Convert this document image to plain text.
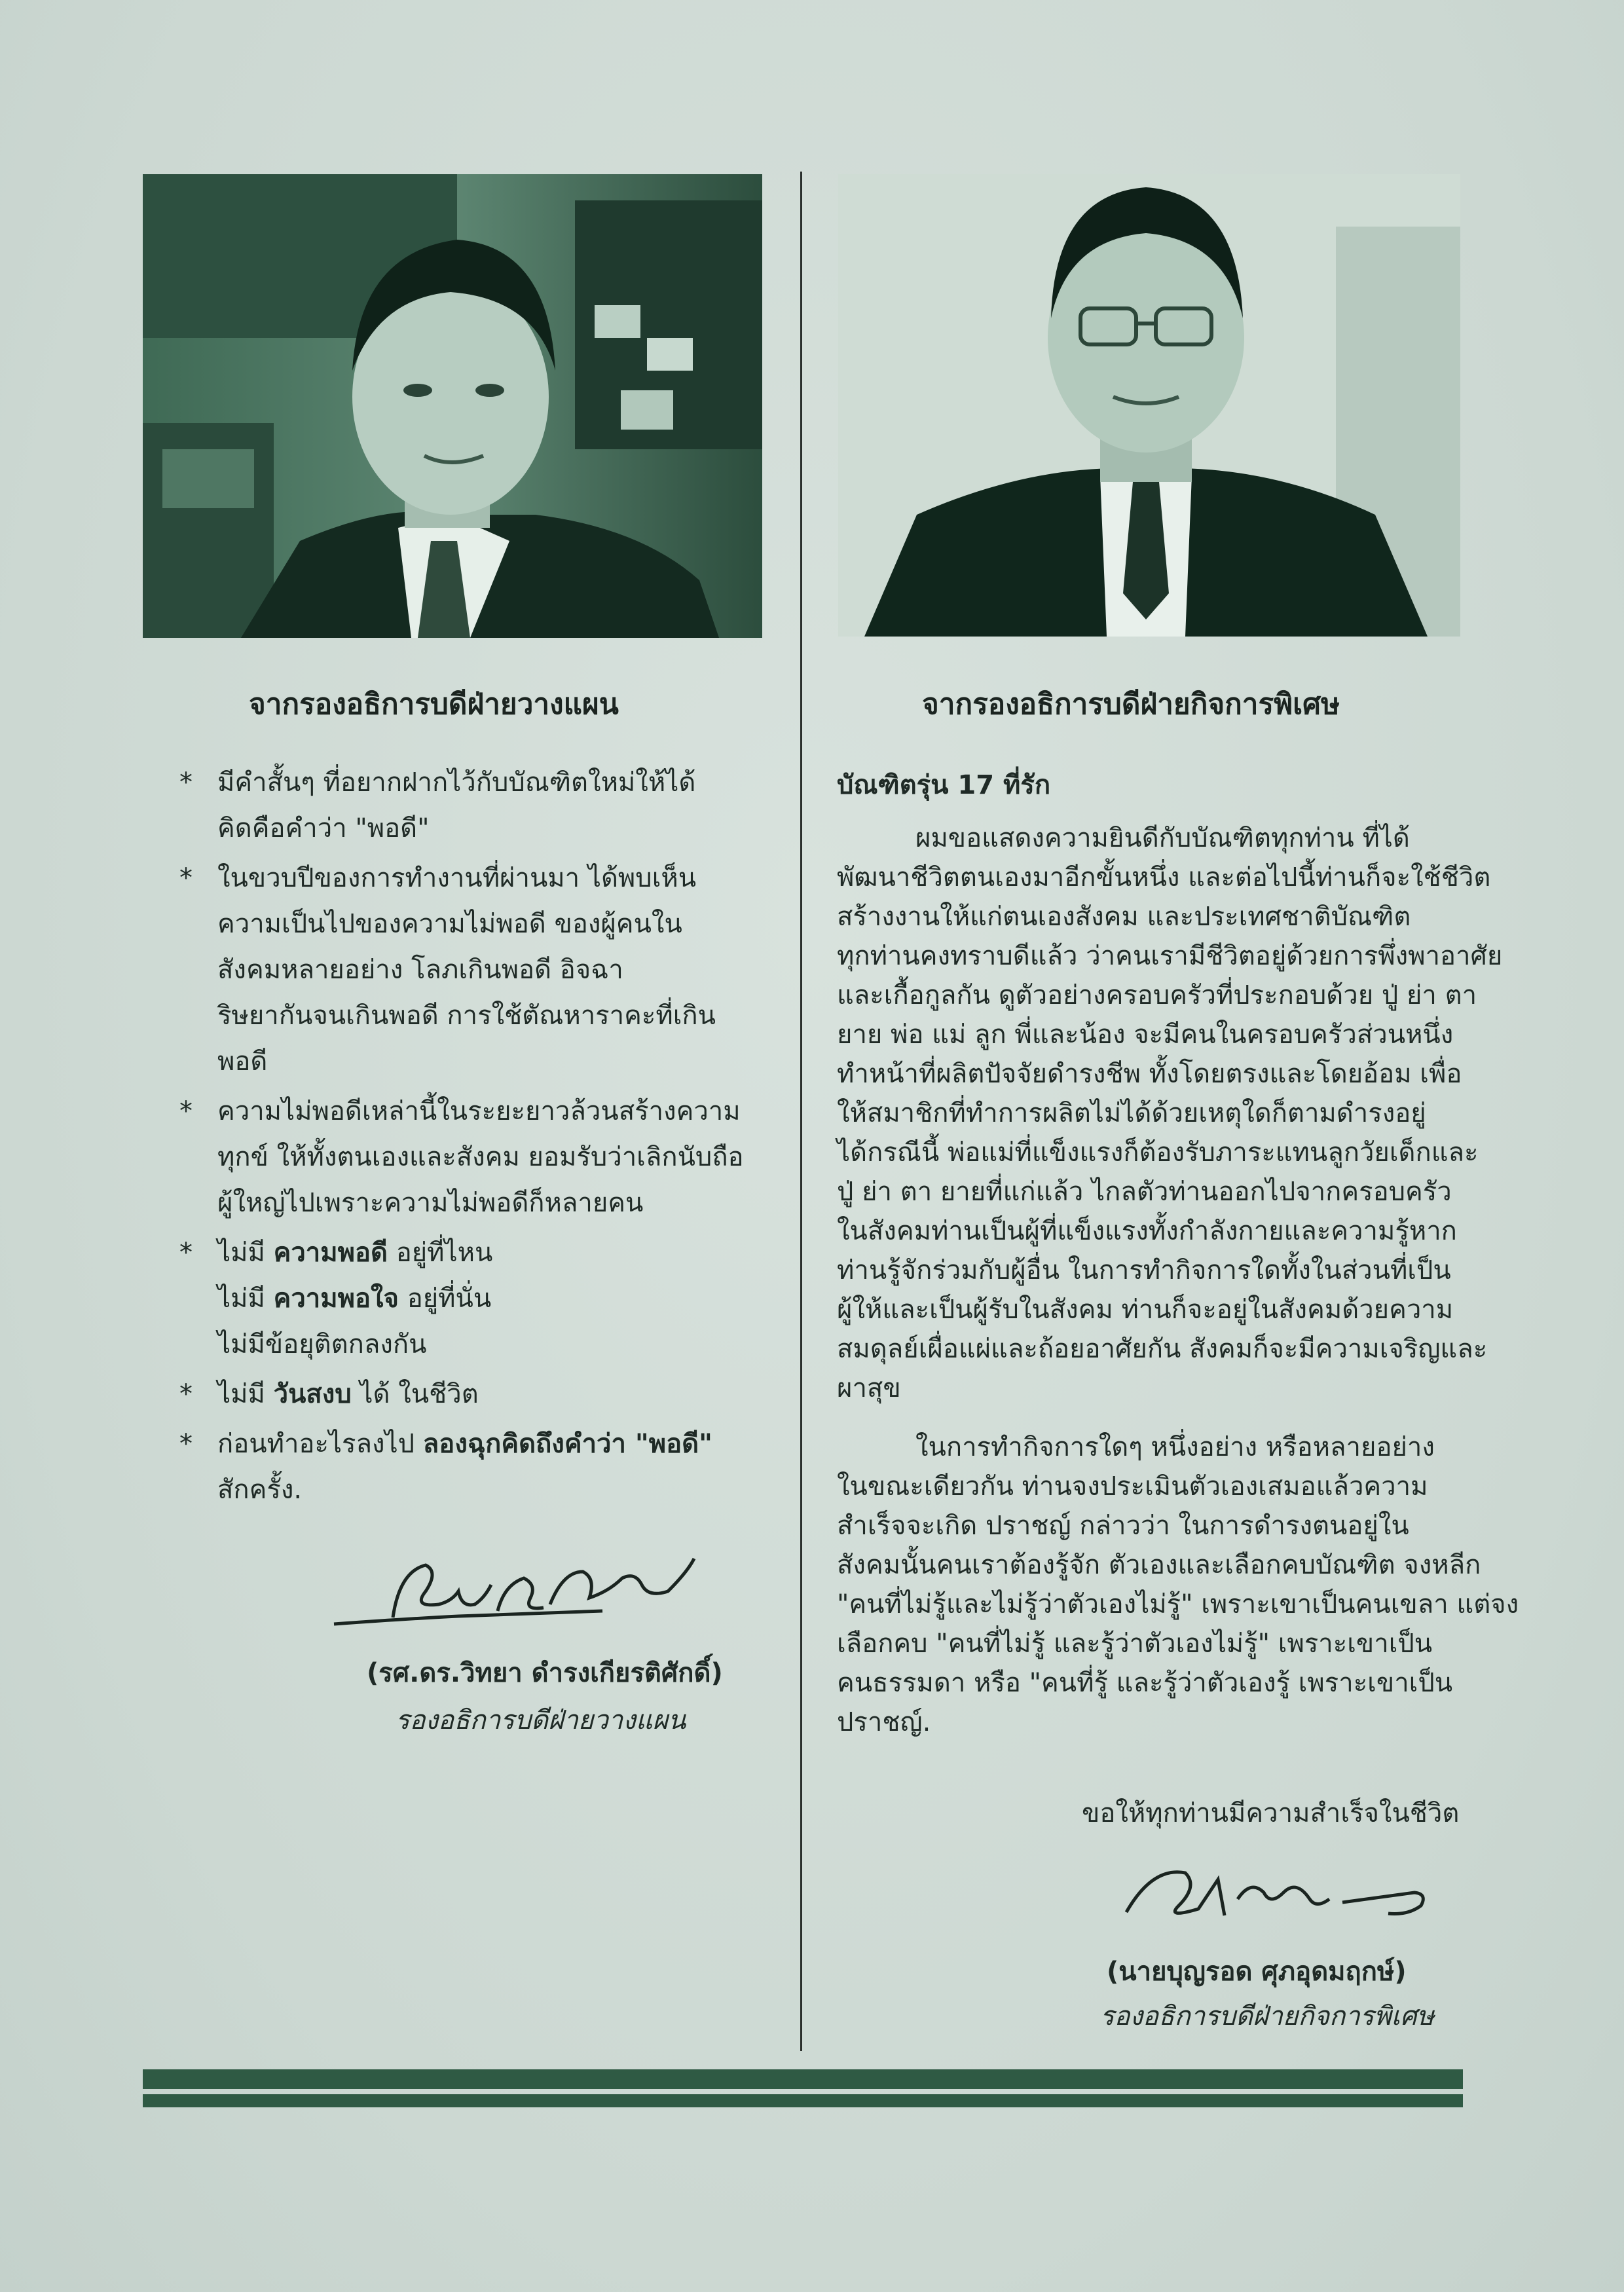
จากรองอธิการบดีฝ่ายวางแผน	จากรองอธิการบดีฝ่ายกิจการพิเศษ
* มีคำสั้นๆ ที่อยากฝากไว้กับบัณฑิตใหม่ให้ได้
คิดคือคำว่า "พอดี"
* ในขวบปีของการทำงานที่ผ่านมา ได้พบเห็น
ความเป็นไปของความไม่พอดี ของผู้คนใน
สังคมหลายอย่าง โลภเกินพอดี อิจฉา
ริษยากันจนเกินพอดี การใช้ตัณหาราคะที่เกิน
พอดี
* ความไม่พอดีเหล่านี้ในระยะยาวล้วนสร้างความ
ทุกข์ ให้ทั้งตนเองและสังคม ยอมรับว่าเลิกนับถือ
ผู้ใหญ่ไปเพราะความไม่พอดีก็หลายคน
* ไม่มี ความพอดี อยู่ที่ไหน
ไม่มี ความพอใจ อยู่ที่นั่น
ไม่มีข้อยุติตกลงกัน
* ไม่มี วันสงบ ได้ ในชีวิต
* ก่อนทำอะไรลงไป ลองฉุกคิดถึงคำว่า "พอดี"
สักครั้ง.
(รศ.ดร.วิทยา ดำรงเกียรติศักดิ์)
รองอธิการบดีฝ่ายวางแผน
บัณฑิตรุ่น 17 ที่รัก
ผมขอแสดงความยินดีกับบัณฑิตทุกท่าน ที่ได้
พัฒนาชีวิตตนเองมาอีกขั้นหนึ่ง และต่อไปนี้ท่านก็จะใช้ชีวิต
สร้างงานให้แก่ตนเองสังคม และประเทศชาติบัณฑิต
ทุกท่านคงทราบดีแล้ว ว่าคนเรามีชีวิตอยู่ด้วยการพึ่งพาอาศัย
และเกื้อกูลกัน ดูตัวอย่างครอบครัวที่ประกอบด้วย ปู่ ย่า ตา
ยาย พ่อ แม่ ลูก พี่และน้อง จะมีคนในครอบครัวส่วนหนึ่ง
ทำหน้าที่ผลิตปัจจัยดำรงชีพ ทั้งโดยตรงและโดยอ้อม เพื่อ
ให้สมาชิกที่ทำการผลิตไม่ได้ด้วยเหตุใดก็ตามดำรงอยู่
ได้กรณีนี้ พ่อแม่ที่แข็งแรงก็ต้องรับภาระแทนลูกวัยเด็กและ
ปู่ ย่า ตา ยายที่แก่แล้ว ไกลตัวท่านออกไปจากครอบครัว
ในสังคมท่านเป็นผู้ที่แข็งแรงทั้งกำลังกายและความรู้หาก
ท่านรู้จักร่วมกับผู้อื่น ในการทำกิจการใดทั้งในส่วนที่เป็น
ผู้ให้และเป็นผู้รับในสังคม ท่านก็จะอยู่ในสังคมด้วยความ
สมดุลย์เผื่อแผ่และถ้อยอาศัยกัน สังคมก็จะมีความเจริญและ
ผาสุข
ในการทำกิจการใดๆ หนึ่งอย่าง หรือหลายอย่าง
ในขณะเดียวกัน ท่านจงประเมินตัวเองเสมอแล้วความ
สำเร็จจะเกิด ปราชญ์ กล่าวว่า ในการดำรงตนอยู่ใน
สังคมนั้นคนเราต้องรู้จัก ตัวเองและเลือกคบบัณฑิต จงหลีก
"คนที่ไม่รู้และไม่รู้ว่าตัวเองไม่รู้" เพราะเขาเป็นคนเขลา แต่จง
เลือกคบ "คนที่ไม่รู้ และรู้ว่าตัวเองไม่รู้" เพราะเขาเป็น
คนธรรมดา หรือ "คนที่รู้ และรู้ว่าตัวเองรู้ เพราะเขาเป็น
ปราชญ์.
ขอให้ทุกท่านมีความสำเร็จในชีวิต
(นายบุญรอด ศุภอุดมฤกษ์)
รองอธิการบดีฝ่ายกิจการพิเศษ
